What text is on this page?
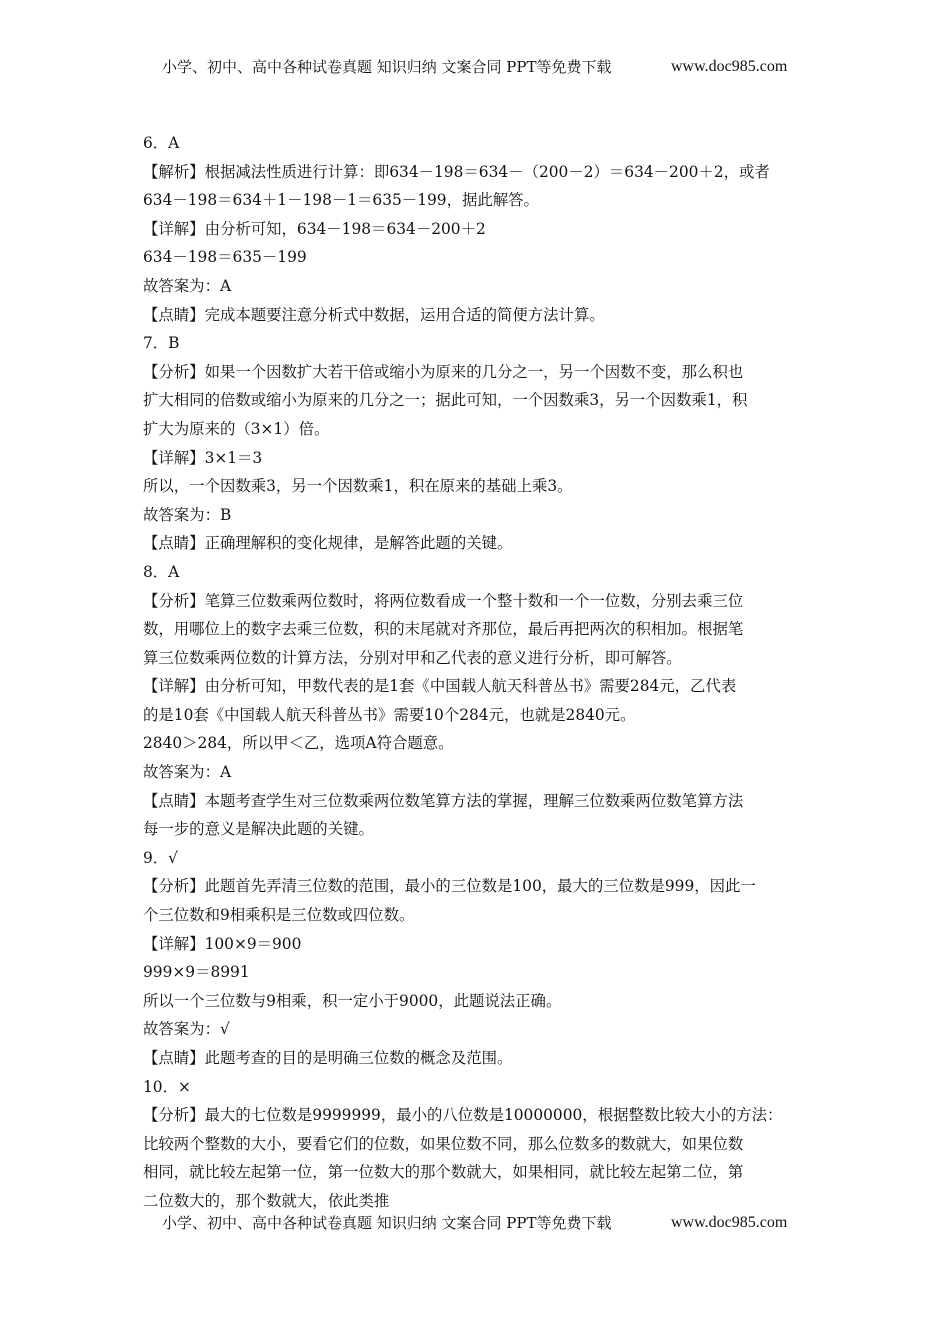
小学、初中、高中各种试卷真题 知识归纳 文案合同 PPT等免费下载	www.doc985.com
6．A
【解析】根据减法性质进行计算：即634－198＝634－（200－2）＝634－200＋2，或者
634－198＝634＋1－198－1＝635－199，据此解答。
【详解】由分析可知，634－198＝634－200＋2
634－198＝635－199
故答案为：A
【点睛】完成本题要注意分析式中数据，运用合适的简便方法计算。
7．B
【分析】如果一个因数扩大若干倍或缩小为原来的几分之一，另一个因数不变，那么积也
扩大相同的倍数或缩小为原来的几分之一；据此可知，一个因数乘3，另一个因数乘1，积
扩大为原来的（3×1）倍。
【详解】3×1＝3
所以，一个因数乘3，另一个因数乘1，积在原来的基础上乘3。
故答案为：B
【点睛】正确理解积的变化规律，是解答此题的关键。
8．A
【分析】笔算三位数乘两位数时，将两位数看成一个整十数和一个一位数，分别去乘三位
数，用哪位上的数字去乘三位数，积的末尾就对齐那位，最后再把两次的积相加。根据笔
算三位数乘两位数的计算方法，分别对甲和乙代表的意义进行分析，即可解答。
【详解】由分析可知，甲数代表的是1套《中国载人航天科普丛书》需要284元，乙代表
的是10套《中国载人航天科普丛书》需要10个284元，也就是2840元。
2840＞284，所以甲＜乙，选项A符合题意。
故答案为：A
【点睛】本题考查学生对三位数乘两位数笔算方法的掌握，理解三位数乘两位数笔算方法
每一步的意义是解决此题的关键。
9．√
【分析】此题首先弄清三位数的范围，最小的三位数是100，最大的三位数是999，因此一
个三位数和9相乘积是三位数或四位数。
【详解】100×9＝900
999×9＝8991
所以一个三位数与9相乘，积一定小于9000，此题说法正确。
故答案为：√
【点睛】此题考查的目的是明确三位数的概念及范围。
10．×
【分析】最大的七位数是9999999，最小的八位数是10000000，根据整数比较大小的方法：
比较两个整数的大小，要看它们的位数，如果位数不同，那么位数多的数就大，如果位数
相同，就比较左起第一位，第一位数大的那个数就大，如果相同，就比较左起第二位，第
二位数大的，那个数就大，依此类推
小学、初中、高中各种试卷真题 知识归纳 文案合同 PPT等免费下载	www.doc985.com
